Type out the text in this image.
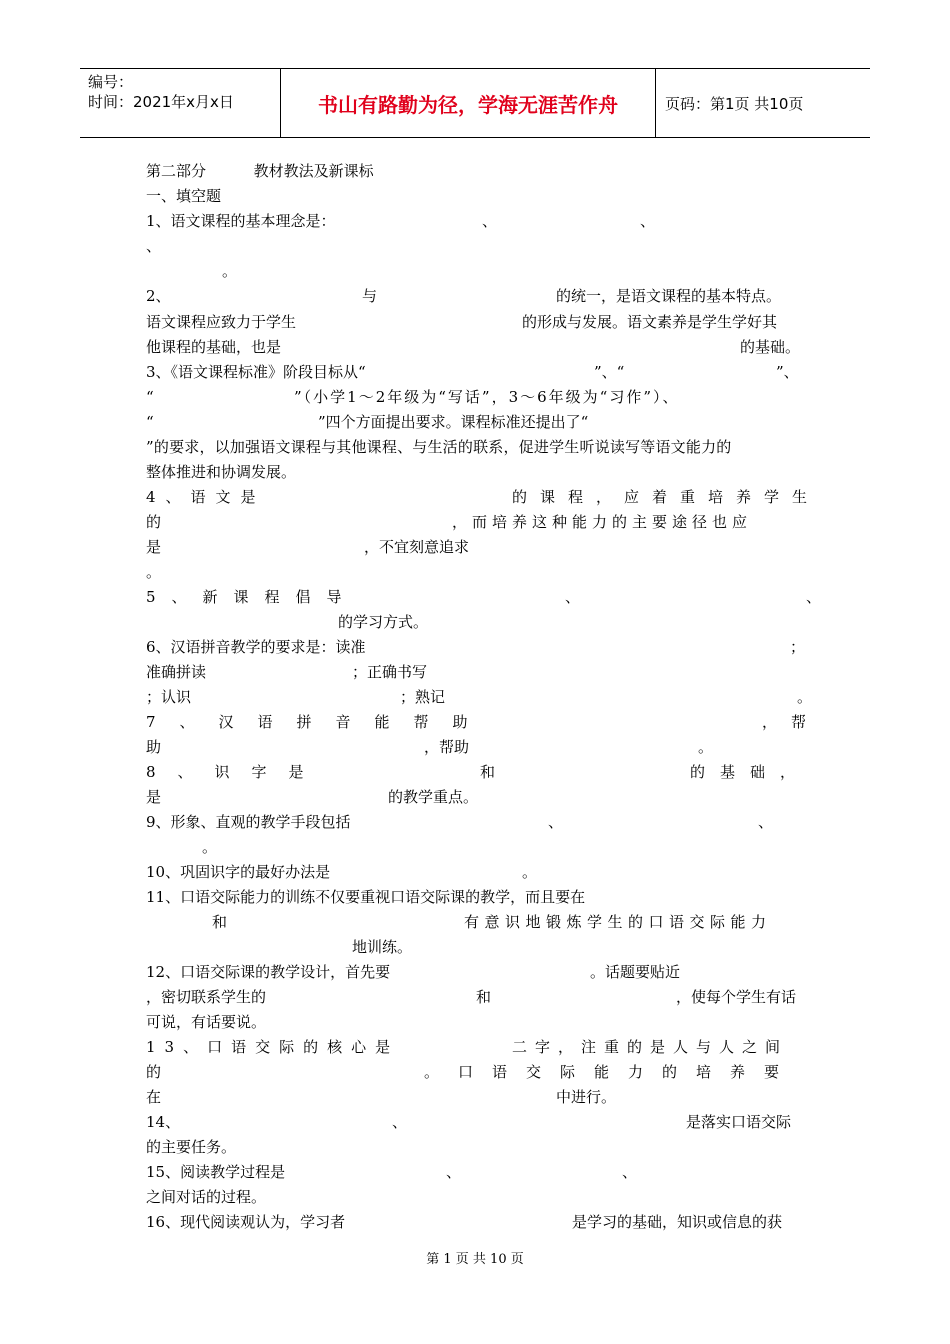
编号：
时间：2021年x月x日	书山有路勤为径，学海无涯苦作舟	页码：第1页 共10页
第二部分          教材教法及新课标
一、填空题
1、语文课程的基本理念是：	、	、
、
。
2、	与	的统一，是语文课程的基本特点。
语文课程应致力于学生	的形成与发展。语文素养是学生学好其
他课程的基础，也是	的基础。
3、《语文课程标准》阶段目标从“	”、“	”、
“	”（小学1～2年级为“写话”，3～6年级为“习作”）、
“	”四个方面提出要求。课程标准还提出了“
”的要求，以加强语文课程与其他课程、与生活的联系，促进学生听说读写等语文能力的
整体推进和协调发展。
4、语文是	的课程，应着重培养学生
的	，而培养这种能力的主要途径也应
是	，不宜刻意追求
。
5、新课程倡导	、	、
的学习方式。
6、汉语拼音教学的要求是：读准	；
准确拼读	；正确书写
；认识	；熟记	。
7、汉语拼音能帮助	，帮
助	，帮助	。
8、识字是	和	的基础，
是	的教学重点。
9、形象、直观的教学手段包括	、	、
。
10、巩固识字的最好办法是	。
11、口语交际能力的训练不仅要重视口语交际课的教学，而且要在
和	有意识地锻炼学生的口语交际能力
地训练。
12、口语交际课的教学设计，首先要	。话题要贴近
，密切联系学生的	和	，使每个学生有话
可说，有话要说。
13、口语交际的核心是	二字，注重的是人与人之间
的	。口语交际能力的培养要
在	中进行。
14、	、	是落实口语交际
的主要任务。
15、阅读教学过程是	、	、
之间对话的过程。
16、现代阅读观认为，学习者	是学习的基础，知识或信息的获
第 1 页 共 10 页
